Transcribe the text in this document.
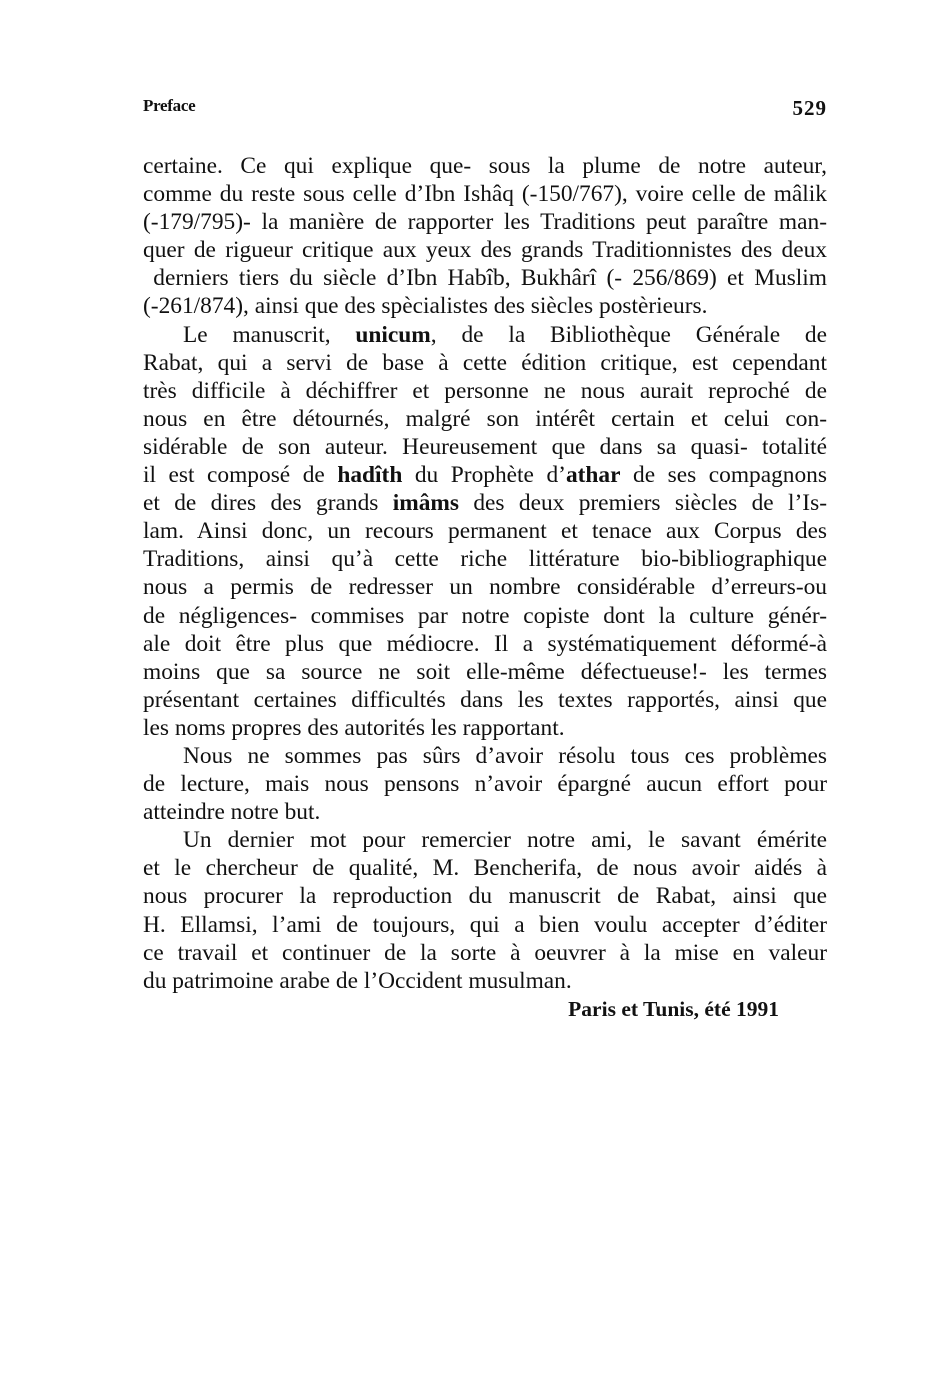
Preface	529
certaine. Ce qui explique que- sous la plume de notre auteur,
comme du reste sous celle d’Ibn Ishâq (-150/767), voire celle de mâlik
(-179/795)- la manière de rapporter les Traditions peut paraître man-
quer de rigueur critique aux yeux des grands Traditionnistes des deux
derniers tiers du siècle d’Ibn Habîb, Bukhârî (- 256/869) et Muslim
(-261/874), ainsi que des spècialistes des siècles postèrieurs.
Le manuscrit, unicum, de la Bibliothèque Générale de
Rabat, qui a servi de base à cette édition critique, est cependant
très difficile à déchiffrer et personne ne nous aurait reproché de
nous en être détournés, malgré son intérêt certain et celui con-
sidérable de son auteur. Heureusement que dans sa quasi- totalité
il est composé de hadîth du Prophète d’athar de ses compagnons
et de dires des grands imâms des deux premiers siècles de l’Is-
lam. Ainsi donc, un recours permanent et tenace aux Corpus des
Traditions, ainsi qu’à cette riche littérature bio-bibliographique
nous a permis de redresser un nombre considérable d’erreurs-ou
de négligences- commises par notre copiste dont la culture génér-
ale doit être plus que médiocre. Il a systématiquement déformé-à
moins que sa source ne soit elle-même défectueuse!- les termes
présentant certaines difficultés dans les textes rapportés, ainsi que
les noms propres des autorités les rapportant.
Nous ne sommes pas sûrs d’avoir résolu tous ces problèmes
de lecture, mais nous pensons n’avoir épargné aucun effort pour
atteindre notre but.
Un dernier mot pour remercier notre ami, le savant émérite
et le chercheur de qualité, M. Bencherifa, de nous avoir aidés à
nous procurer la reproduction du manuscrit de Rabat, ainsi que
H. Ellamsi, l’ami de toujours, qui a bien voulu accepter d’éditer
ce travail et continuer de la sorte à oeuvrer à la mise en valeur
du patrimoine arabe de l’Occident musulman.
Paris et Tunis, été 1991
